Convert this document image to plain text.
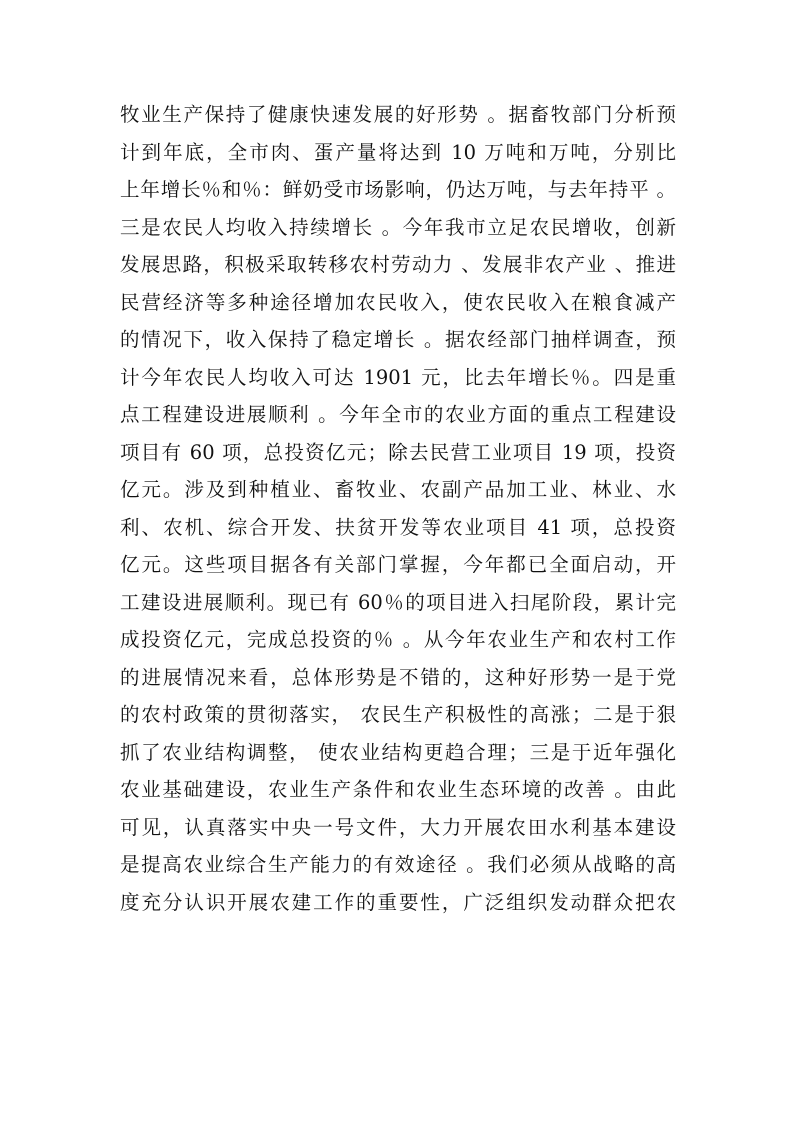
牧业生产保持了健康快速发展的好形势 。据畜牧部门分析预
计到年底，全市肉、蛋产量将达到 10 万吨和万吨，分别比
上年增长％和％：鲜奶受市场影响，仍达万吨，与去年持平 。
三是农民人均收入持续增长 。今年我市立足农民增收，创新
发展思路，积极采取转移农村劳动力 、发展非农产业 、推进
民营经济等多种途径增加农民收入，使农民收入在粮食减产
的情况下，收入保持了稳定增长 。据农经部门抽样调查，预
计今年农民人均收入可达 1901 元，比去年增长％。四是重
点工程建设进展顺利 。今年全市的农业方面的重点工程建设
项目有 60 项，总投资亿元；除去民营工业项目 19 项，投资
亿元。涉及到种植业、畜牧业、农副产品加工业、林业、水
利、农机、综合开发、扶贫开发等农业项目 41 项，总投资
亿元。这些项目据各有关部门掌握，今年都已全面启动，开
工建设进展顺利。现已有 60％的项目进入扫尾阶段，累计完
成投资亿元，完成总投资的％ 。从今年农业生产和农村工作
的进展情况来看，总体形势是不错的，这种好形势一是于党
的农村政策的贯彻落实， 农民生产积极性的高涨；二是于狠
抓了农业结构调整， 使农业结构更趋合理；三是于近年强化
农业基础建设，农业生产条件和农业生态环境的改善 。由此
可见，认真落实中央一号文件，大力开展农田水利基本建设
是提高农业综合生产能力的有效途径 。我们必须从战略的高
度充分认识开展农建工作的重要性，广泛组织发动群众把农
